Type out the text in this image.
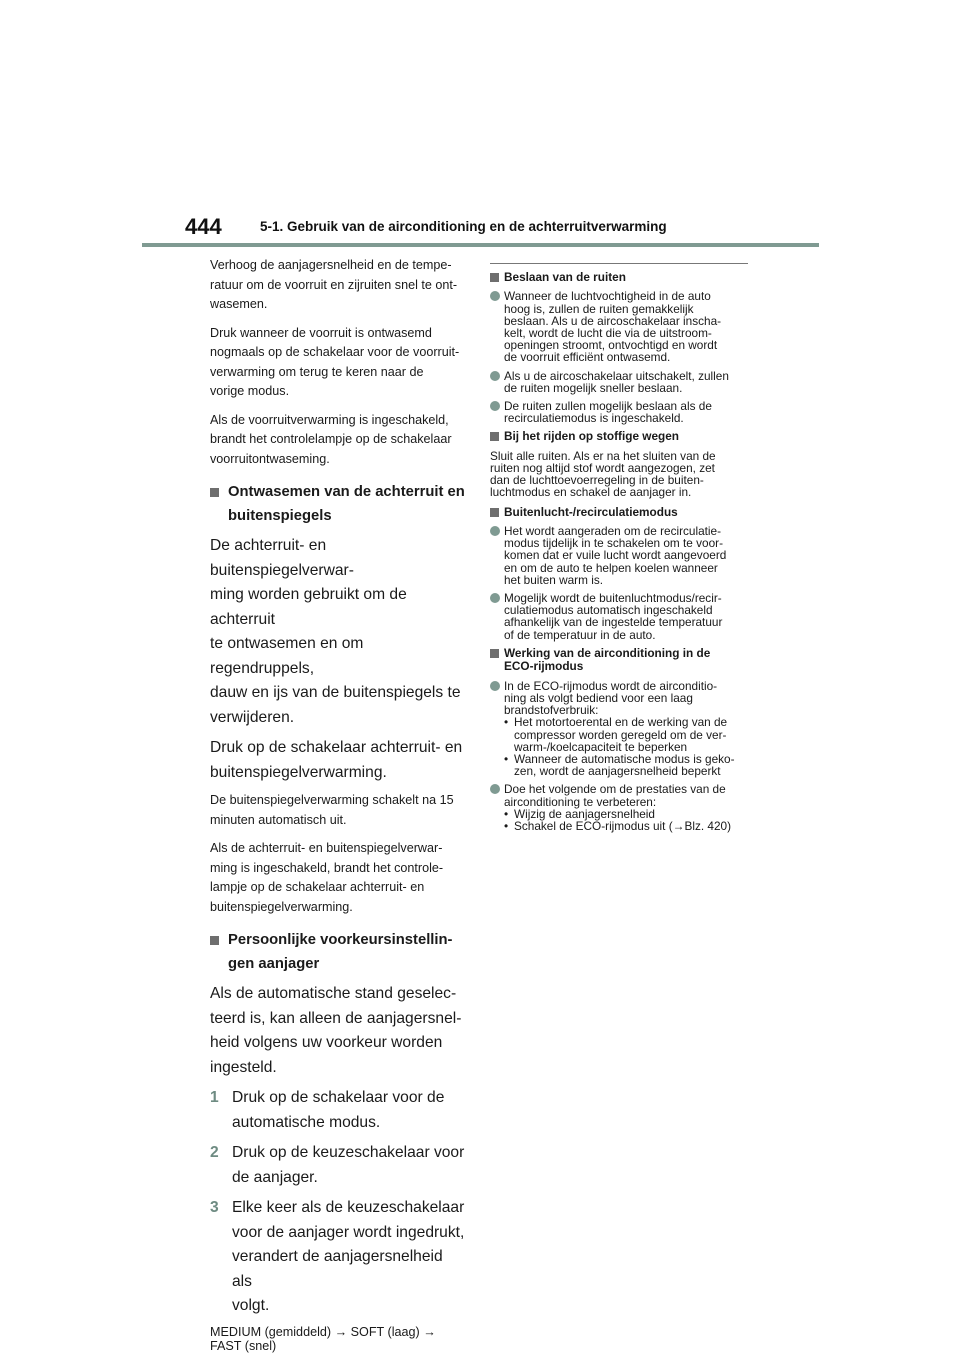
444	5-1. Gebruik van de airconditioning en de achterruitverwarming

Verhoog de aanjagersnelheid en de tempe-
ratuur om de voorruit en zijruiten snel te ont-
wasemen.

Druk wanneer de voorruit is ontwasemd
nogmaals op de schakelaar voor de voorruit-
verwarming om terug te keren naar de
vorige modus.

Als de voorruitverwarming is ingeschakeld,
brandt het controlelampje op de schakelaar
voorruitontwaseming.

Ontwasemen van de achterruit en
buitenspiegels

De achterruit- en buitenspiegelverwar-
ming worden gebruikt om de achterruit
te ontwasemen en om regendruppels,
dauw en ijs van de buitenspiegels te
verwijderen.

Druk op de schakelaar achterruit- en
buitenspiegelverwarming.

De buitenspiegelverwarming schakelt na 15
minuten automatisch uit.

Als de achterruit- en buitenspiegelverwar-
ming is ingeschakeld, brandt het controle-
lampje op de schakelaar achterruit- en
buitenspiegelverwarming.

Persoonlijke voorkeursinstellin-
gen aanjager

Als de automatische stand geselec-
teerd is, kan alleen de aanjagersnel-
heid volgens uw voorkeur worden
ingesteld.

1 Druk op de schakelaar voor de
automatische modus.
2 Druk op de keuzeschakelaar voor
de aanjager.
3 Elke keer als de keuzeschakelaar
voor de aanjager wordt ingedrukt,
verandert de aanjagersnelheid als
volgt.

MEDIUM (gemiddeld) → SOFT (laag) →
FAST (snel)

Beslaan van de ruiten
Wanneer de luchtvochtigheid in de auto
hoog is, zullen de ruiten gemakkelijk
beslaan. Als u de aircoschakelaar inscha-
kelt, wordt de lucht die via de uitstroom-
openingen stroomt, ontvochtigd en wordt
de voorruit efficiënt ontwasemd.
Als u de aircoschakelaar uitschakelt, zullen
de ruiten mogelijk sneller beslaan.
De ruiten zullen mogelijk beslaan als de
recirculatiemodus is ingeschakeld.
Bij het rijden op stoffige wegen

Sluit alle ruiten. Als er na het sluiten van de
ruiten nog altijd stof wordt aangezogen, zet
dan de luchttoevoerregeling in de buiten-
luchtmodus en schakel de aanjager in.

Buitenlucht-/recirculatiemodus
Het wordt aangeraden om de recirculatie-
modus tijdelijk in te schakelen om te voor-
komen dat er vuile lucht wordt aangevoerd
en om de auto te helpen koelen wanneer
het buiten warm is.
Mogelijk wordt de buitenluchtmodus/recir-
culatiemodus automatisch ingeschakeld
afhankelijk van de ingestelde temperatuur
of de temperatuur in de auto.
Werking van de airconditioning in de
ECO-rijmodus
In de ECO-rijmodus wordt de airconditio-
ning als volgt bediend voor een laag
brandstofverbruik:
• Het motortoerental en de werking van de
compressor worden geregeld om de ver-
warm-/koelcapaciteit te beperken
• Wanneer de automatische modus is geko-
zen, wordt de aanjagersnelheid beperkt
Doe het volgende om de prestaties van de
airconditioning te verbeteren:
• Wijzig de aanjagersnelheid
• Schakel de ECO-rijmodus uit (→Blz. 420)
